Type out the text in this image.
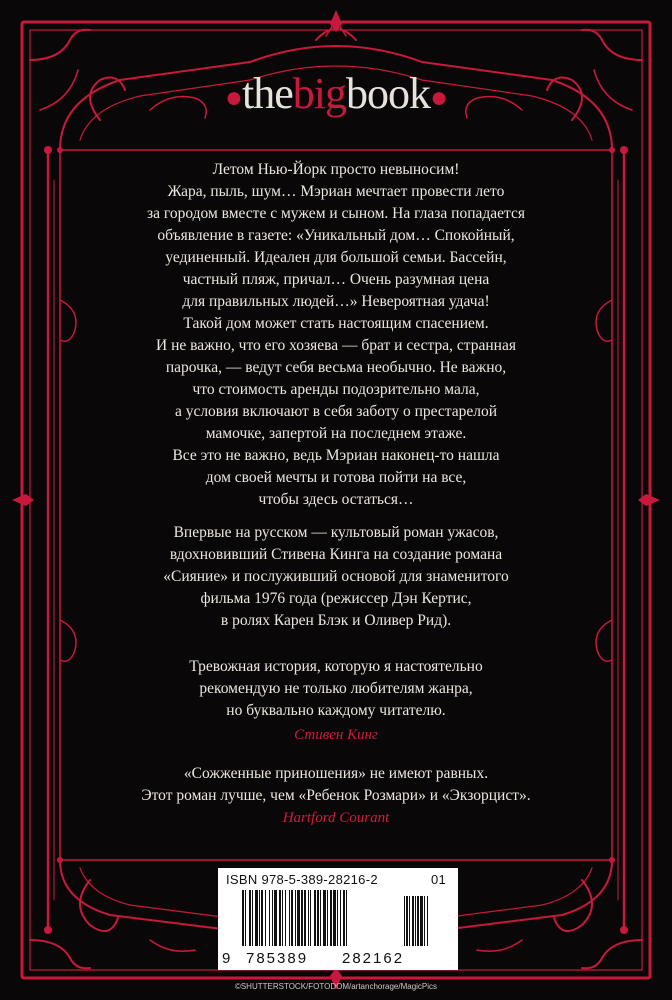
●thebigbook●
Летом Нью-Йорк просто невыносим!
Жара, пыль, шум… Мэриан мечтает провести лето
за городом вместе с мужем и сыном. На глаза попадается
объявление в газете: «Уникальный дом… Спокойный,
уединенный. Идеален для большой семьи. Бассейн,
частный пляж, причал… Очень разумная цена
для правильных людей…» Невероятная удача!
Такой дом может стать настоящим спасением.
И не важно, что его хозяева — брат и сестра, странная
парочка, — ведут себя весьма необычно. Не важно,
что стоимость аренды подозрительно мала,
а условия включают в себя заботу о престарелой
мамочке, запертой на последнем этаже.
Все это не важно, ведь Мэриан наконец-то нашла
дом своей мечты и готова пойти на все,
чтобы здесь остаться…
Впервые на русском — культовый роман ужасов,
вдохновивший Стивена Кинга на создание романа
«Сияние» и послуживший основой для знаменитого
фильма 1976 года (режиссер Дэн Кертис,
в ролях Карен Блэк и Оливер Рид).
Тревожная история, которую я настоятельно
рекомендую не только любителям жанра,
но буквально каждому читателю.
Стивен Кинг
«Сожженные приношения» не имеют равных.
Этот роман лучше, чем «Ребенок Розмари» и «Экзорцист».
Hartford Courant
ISBN 978-5-389-28216-2	01
9 785389 282162
©SHUTTERSTOCK/FOTODOM/artanchorage/MagicPics
